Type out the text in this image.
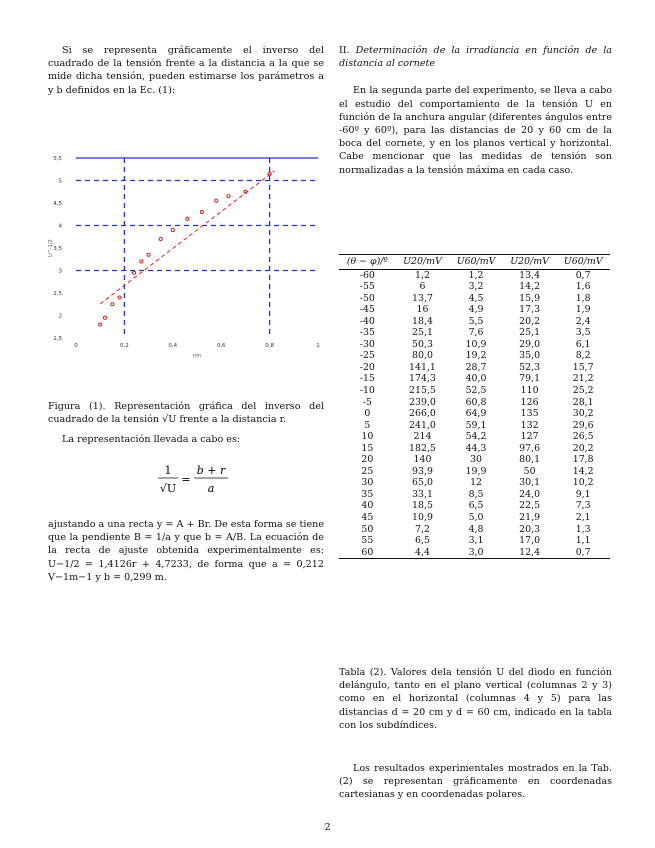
Si se representa gráficamente el inverso del cuadrado de la tensión frente a la distancia a la que se mide dicha tensión, pueden estimarse los parámetros a y b definidos en la Ec. (1):

1,5
2
2,5
3
3,5
4
4,5
5
5,5
0	0,2	0,4	0,6	0,8	1
r/m
U^-1/2

Figura (1). Representación gráfica del inverso del cuadrado de la tensión √U frente a la distancia r.

La representación llevada a cabo es:

1
√U
=
b + r
a

ajustando a una recta y = A + Br. De esta forma se tiene que la pendiente B = 1/a y que b = A/B. La ecuación de la recta de ajuste obtenida experimentalmente es: U−1/2 = 1,4126r + 4,7233, de forma que a = 0,212 V−1m−1 y b = 0,299 m.

II. Determinación de la irradiancia en función de la distancia al cornete

En la segunda parte del experimento, se lleva a cabo el estudio del comportamiento de la tensión U en función de la anchura angular (diferentes ángulos entre -60º y 60º), para las distancias de 20 y 60 cm de la boca del cornete, y en los planos vertical y horizontal. Cabe mencionar que las medidas de tensión son normalizadas a la tensión máxima en cada caso.

(θ − φ)/º	U20/mV	U60/mV	U20/mV	U60/mV
-60	1,2	1,2	13,4	0,7
-55	6	3,2	14,2	1,6
-50	13,7	4,5	15,9	1,8
-45	16	4,9	17,3	1,9
-40	18,4	5,5	20,2	2,4
-35	25,1	7,6	25,1	3,5
-30	50,3	10,9	29,0	6,1
-25	80,0	19,2	35,0	8,2
-20	141,1	28,7	52,3	15,7
-15	174,3	40,0	79,1	21,2
-10	215,5	52,5	110	25,2
-5	239,0	60,8	126	28,1
0	266,0	64,9	135	30,2
5	241,0	59,1	132	29,6
10	214	54,2	127	26,5
15	182,5	44,3	97,6	20,2
20	140	30	80,1	17,8
25	93,9	19,9	50	14,2
30	65,0	12	30,1	10,2
35	33,1	8,5	24,0	9,1
40	18,5	6,5	22,5	7,3
45	10,9	5,0	21,9	2,1
50	7,2	4,8	20,3	1,3
55	6,5	3,1	17,0	1,1
60	4,4	3,0	12,4	0,7

Tabla (2). Valores dela tensión U del diodo en función delángulo, tanto en el plano vertical (columnas 2 y 3) como en el horizontal (columnas 4 y 5) para las distancias d = 20 cm y d = 60 cm, indicado en la tabla con los subdíndices.

Los resultados experimentales mostrados en la Tab. (2) se representan gráficamente en coordenadas cartesianas y en coordenadas polares.

2
